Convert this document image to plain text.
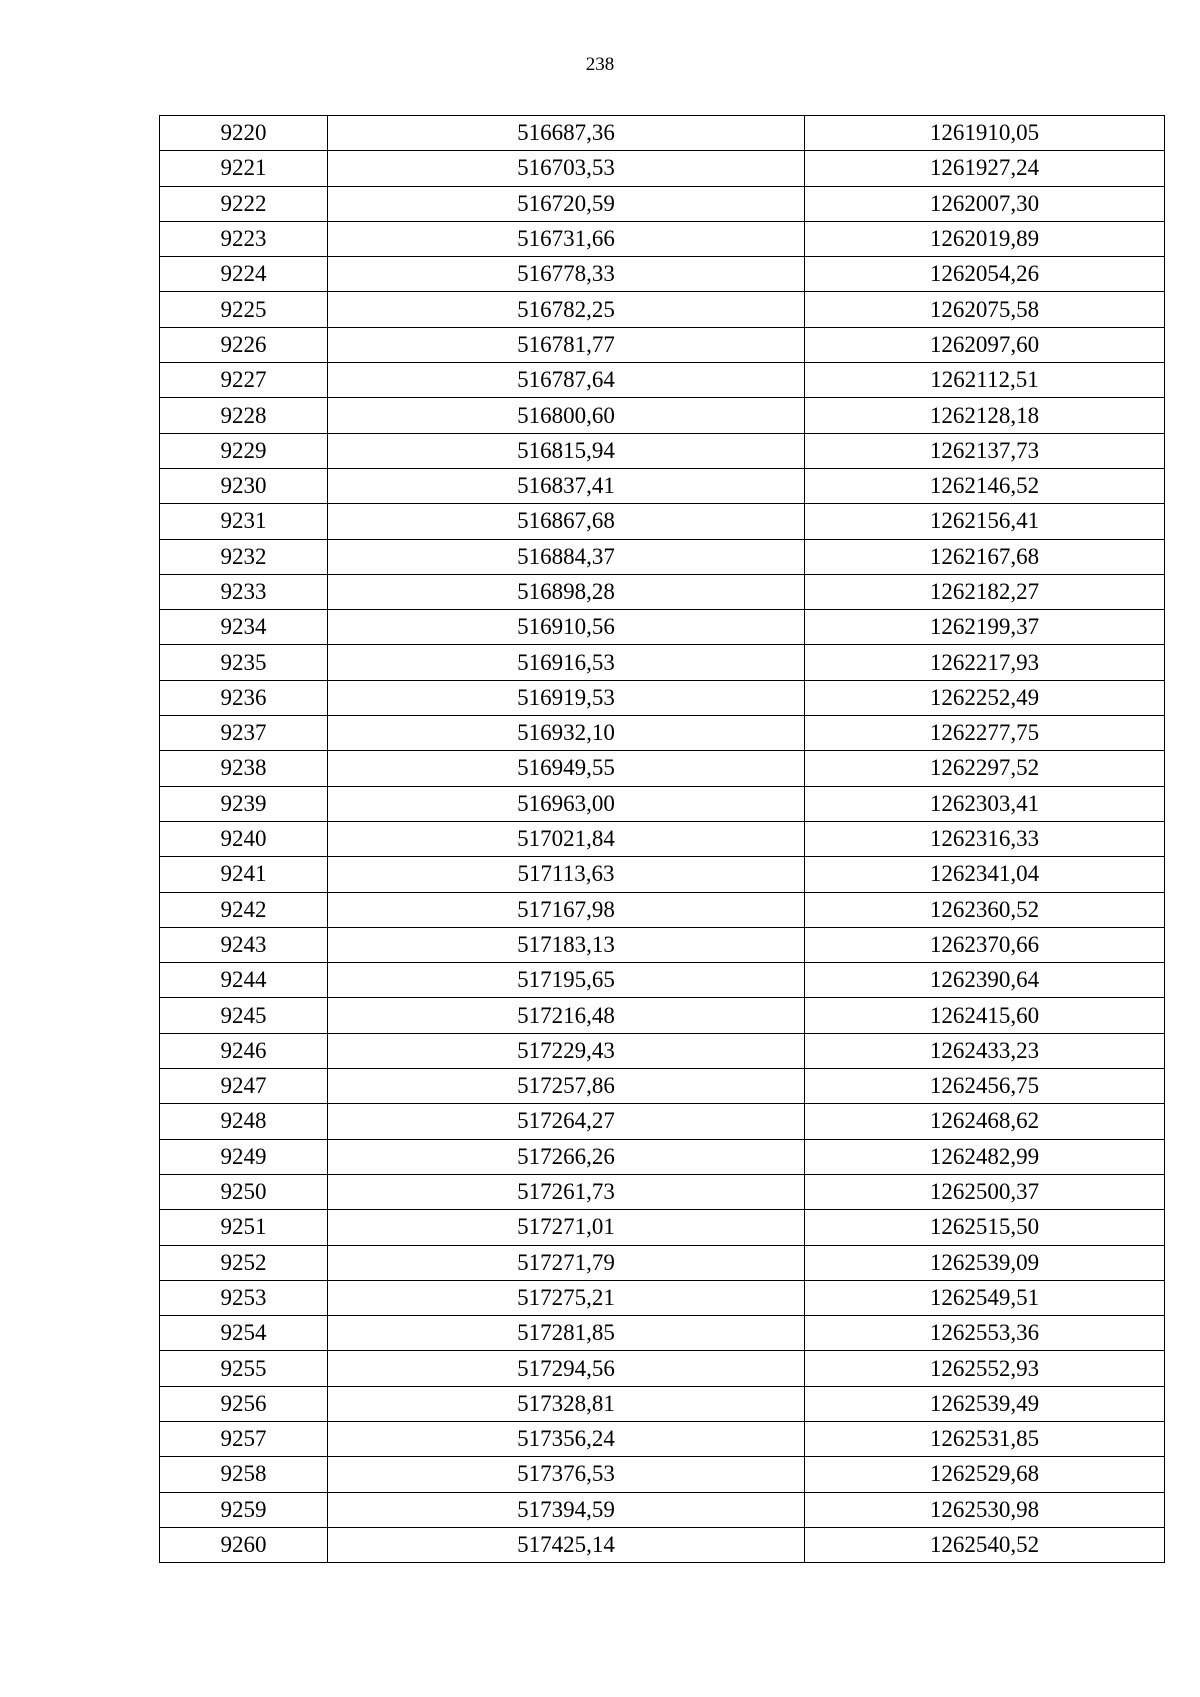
238
9220	516687,36	1261910,05
9221	516703,53	1261927,24
9222	516720,59	1262007,30
9223	516731,66	1262019,89
9224	516778,33	1262054,26
9225	516782,25	1262075,58
9226	516781,77	1262097,60
9227	516787,64	1262112,51
9228	516800,60	1262128,18
9229	516815,94	1262137,73
9230	516837,41	1262146,52
9231	516867,68	1262156,41
9232	516884,37	1262167,68
9233	516898,28	1262182,27
9234	516910,56	1262199,37
9235	516916,53	1262217,93
9236	516919,53	1262252,49
9237	516932,10	1262277,75
9238	516949,55	1262297,52
9239	516963,00	1262303,41
9240	517021,84	1262316,33
9241	517113,63	1262341,04
9242	517167,98	1262360,52
9243	517183,13	1262370,66
9244	517195,65	1262390,64
9245	517216,48	1262415,60
9246	517229,43	1262433,23
9247	517257,86	1262456,75
9248	517264,27	1262468,62
9249	517266,26	1262482,99
9250	517261,73	1262500,37
9251	517271,01	1262515,50
9252	517271,79	1262539,09
9253	517275,21	1262549,51
9254	517281,85	1262553,36
9255	517294,56	1262552,93
9256	517328,81	1262539,49
9257	517356,24	1262531,85
9258	517376,53	1262529,68
9259	517394,59	1262530,98
9260	517425,14	1262540,52
